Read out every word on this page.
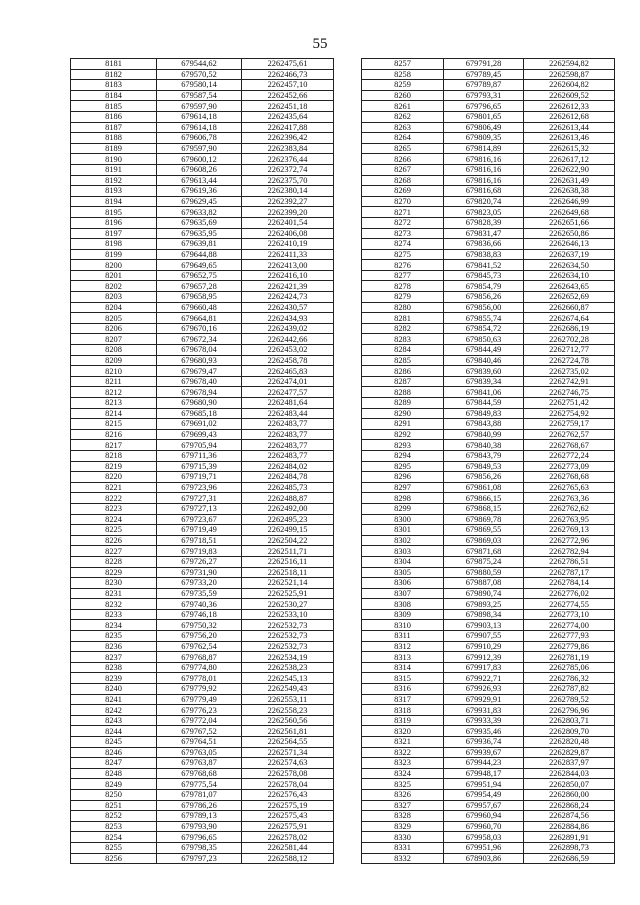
55
8181	679544,62	2262475,61
8182	679570,52	2262466,73
8183	679580,14	2262457,10
8184	679587,54	2262452,66
8185	679597,90	2262451,18
8186	679614,18	2262435,64
8187	679614,18	2262417,88
8188	679606,78	2262396,42
8189	679597,90	2262383,84
8190	679600,12	2262376,44
8191	679608,26	2262372,74
8192	679613,44	2262375,70
8193	679619,36	2262380,14
8194	679629,45	2262392,27
8195	679633,82	2262399,20
8196	679635,69	2262401,54
8197	679635,95	2262406,08
8198	679639,81	2262410,19
8199	679644,88	2262411,33
8200	679649,65	2262413,00
8201	679652,75	2262416,10
8202	679657,28	2262421,39
8203	679658,95	2262424,73
8204	679660,48	2262430,57
8205	679664,81	2262434,93
8206	679670,16	2262439,02
8207	679672,34	2262442,66
8208	679678,04	2262453,02
8209	679680,93	2262458,78
8210	679679,47	2262465,83
8211	679678,40	2262474,01
8212	679678,94	2262477,57
8213	679680,90	2262481,64
8214	679685,18	2262483,44
8215	679691,02	2262483,77
8216	679699,43	2262483,77
8217	679705,94	2262483,77
8218	679711,36	2262483,77
8219	679715,39	2262484,02
8220	679719,71	2262484,78
8221	679723,96	2262485,73
8222	679727,31	2262488,87
8223	679727,13	2262492,00
8224	679723,67	2262495,23
8225	679719,49	2262499,15
8226	679718,51	2262504,22
8227	679719,83	2262511,71
8228	679726,27	2262516,11
8229	679731,90	2262518,11
8230	679733,20	2262521,14
8231	679735,59	2262525,91
8232	679740,36	2262530,27
8233	679746,18	2262533,10
8234	679750,32	2262532,73
8235	679756,20	2262532,73
8236	679762,54	2262532,73
8237	679768,87	2262534,19
8238	679774,80	2262538,23
8239	679778,01	2262545,13
8240	679779,92	2262549,43
8241	679779,49	2262553,11
8242	679776,23	2262558,23
8243	679772,04	2262560,56
8244	679767,52	2262561,81
8245	679764,51	2262564,55
8246	679763,05	2262571,34
8247	679763,87	2262574,63
8248	679768,68	2262578,08
8249	679775,54	2262578,04
8250	679781,07	2262576,43
8251	679786,26	2262575,19
8252	679789,13	2262575,43
8253	679793,90	2262575,91
8254	679796,65	2262578,02
8255	679798,35	2262581,44
8256	679797,23	2262588,12
8257	679791,28	2262594,82
8258	679789,45	2262598,87
8259	679789,87	2262604,82
8260	679793,31	2262609,52
8261	679796,65	2262612,33
8262	679801,65	2262612,68
8263	679806,49	2262613,44
8264	679809,35	2262613,46
8265	679814,89	2262615,32
8266	679816,16	2262617,12
8267	679816,16	2262622,90
8268	679816,16	2262631,49
8269	679816,68	2262638,38
8270	679820,74	2262646,99
8271	679823,05	2262649,68
8272	679828,39	2262651,66
8273	679831,47	2262650,86
8274	679836,66	2262646,13
8275	679838,83	2262637,19
8276	679841,52	2262634,50
8277	679845,73	2262634,10
8278	679854,79	2262643,65
8279	679856,26	2262652,69
8280	679856,00	2262660,87
8281	679855,74	2262674,64
8282	679854,72	2262686,19
8283	679850,63	2262702,28
8284	679844,49	2262712,77
8285	679840,46	2262724,78
8286	679839,60	2262735,02
8287	679839,34	2262742,91
8288	679841,06	2262746,75
8289	679844,59	2262751,42
8290	679849,83	2262754,92
8291	679843,88	2262759,17
8292	679840,99	2262762,57
8293	679840,38	2262768,67
8294	679843,79	2262772,24
8295	679849,53	2262773,09
8296	679856,26	2262768,68
8297	679861,08	2262765,63
8298	679866,15	2262763,36
8299	679868,15	2262762,62
8300	679869,78	2262763,95
8301	679869,55	2262769,13
8302	679869,03	2262772,96
8303	679871,68	2262782,94
8304	679875,24	2262786,51
8305	679880,59	2262787,17
8306	679887,08	2262784,14
8307	679890,74	2262776,02
8308	679893,25	2262774,55
8309	679898,34	2262773,10
8310	679903,13	2262774,00
8311	679907,55	2262777,93
8312	679910,29	2262779,86
8313	679912,39	2262781,19
8314	679917,83	2262785,06
8315	679922,71	2262786,32
8316	679926,93	2262787,82
8317	679929,91	2262789,52
8318	679931,83	2262796,96
8319	679933,39	2262803,71
8320	679935,46	2262809,70
8321	679936,74	2262820,48
8322	679939,67	2262829,87
8323	679944,23	2262837,97
8324	679948,17	2262844,03
8325	679951,94	2262850,07
8326	679954,49	2262860,00
8327	679957,67	2262868,24
8328	679960,94	2262874,56
8329	679960,70	2262884,86
8330	679958,03	2262891,91
8331	679951,96	2262898,73
8332	678903,86	2262686,59
